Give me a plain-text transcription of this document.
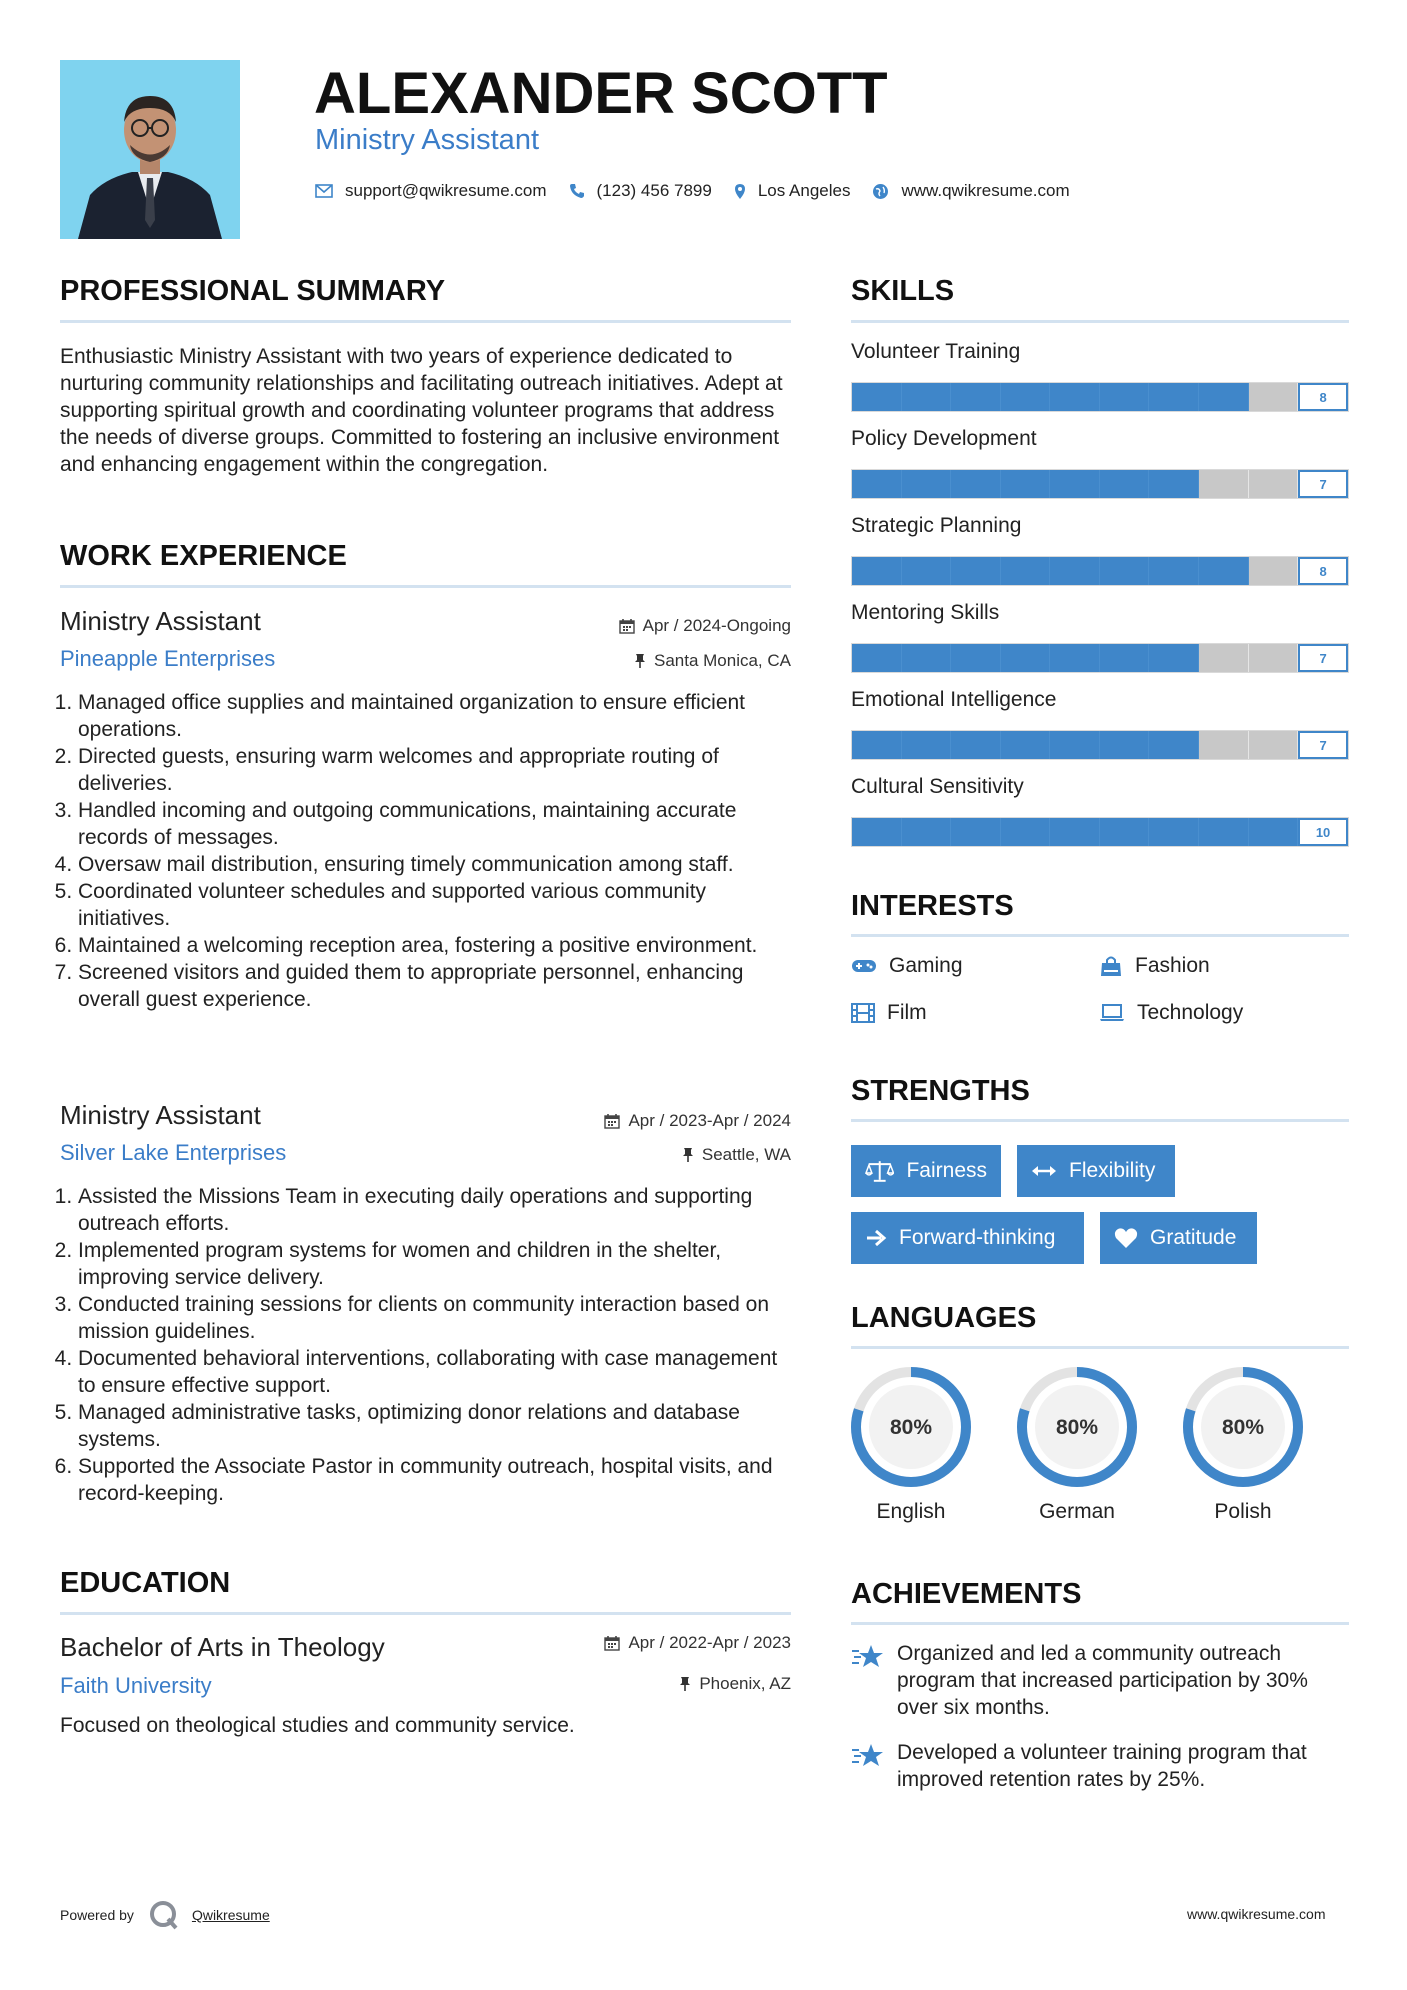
ALEXANDER SCOTT
Ministry Assistant
support@qwikresume.com	(123) 456 7899	Los Angeles	www.qwikresume.com
PROFESSIONAL SUMMARY
Enthusiastic Ministry Assistant with two years of experience dedicated to nurturing community relationships and facilitating outreach initiatives. Adept at supporting spiritual growth and coordinating volunteer programs that address the needs of diverse groups. Committed to fostering an inclusive environment and enhancing engagement within the congregation.
WORK EXPERIENCE
Ministry Assistant	Apr / 2024-Ongoing
Pineapple Enterprises	Santa Monica, CA
1. Managed office supplies and maintained organization to ensure efficient operations.
2. Directed guests, ensuring warm welcomes and appropriate routing of deliveries.
3. Handled incoming and outgoing communications, maintaining accurate records of messages.
4. Oversaw mail distribution, ensuring timely communication among staff.
5. Coordinated volunteer schedules and supported various community initiatives.
6. Maintained a welcoming reception area, fostering a positive environment.
7. Screened visitors and guided them to appropriate personnel, enhancing overall guest experience.
Ministry Assistant	Apr / 2023-Apr / 2024
Silver Lake Enterprises	Seattle, WA
1. Assisted the Missions Team in executing daily operations and supporting outreach efforts.
2. Implemented program systems for women and children in the shelter, improving service delivery.
3. Conducted training sessions for clients on community interaction based on mission guidelines.
4. Documented behavioral interventions, collaborating with case management to ensure effective support.
5. Managed administrative tasks, optimizing donor relations and database systems.
6. Supported the Associate Pastor in community outreach, hospital visits, and record-keeping.
EDUCATION
Bachelor of Arts in Theology	Apr / 2022-Apr / 2023
Faith University	Phoenix, AZ
Focused on theological studies and community service.
SKILLS
Volunteer Training
8
Policy Development
7
Strategic Planning
8
Mentoring Skills
7
Emotional Intelligence
7
Cultural Sensitivity
10
INTERESTS
Gaming	Fashion
Film	Technology
STRENGTHS
Fairness	Flexibility
Forward-thinking	Gratitude
LANGUAGES
80%
English
80%
German
80%
Polish
ACHIEVEMENTS
Organized and led a community outreach program that increased participation by 30% over six months.
Developed a volunteer training program that improved retention rates by 25%.
Powered by	Qwikresume	www.qwikresume.com
